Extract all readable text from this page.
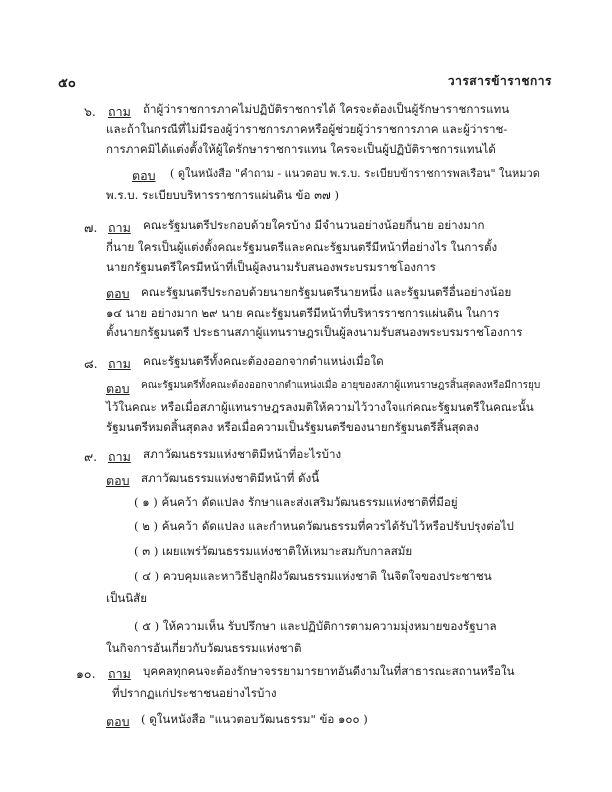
๕๐	วารสารข้าราชการ
๖. ถาม ถ้าผู้ว่าราชการภาคไม่ปฏิบัติราชการได้ ใครจะต้องเป็นผู้รักษาราชการแทน
และถ้าในกรณีที่ไม่มีรองผู้ว่าราชการภาคหรือผู้ช่วยผู้ว่าราชการภาค และผู้ว่าราช-
การภาคมิได้แต่งตั้งให้ผู้ใดรักษาราชการแทน ใครจะเป็นผู้ปฏิบัติราชการแทนได้
ตอบ ( ดูในหนังสือ "คำถาม - แนวตอบ พ.ร.บ. ระเบียบข้าราชการพลเรือน" ในหมวด
พ.ร.บ. ระเบียบบริหารราชการแผ่นดิน ข้อ ๓๗ )
๗. ถาม คณะรัฐมนตรีประกอบด้วยใครบ้าง มีจำนวนอย่างน้อยกี่นาย อย่างมาก
กี่นาย ใครเป็นผู้แต่งตั้งคณะรัฐมนตรีและคณะรัฐมนตรีมีหน้าที่อย่างไร ในการตั้ง
นายกรัฐมนตรีใครมีหน้าที่เป็นผู้ลงนามรับสนองพระบรมราชโองการ
ตอบ คณะรัฐมนตรีประกอบด้วยนายกรัฐมนตรีนายหนึ่ง และรัฐมนตรีอื่นอย่างน้อย
๑๔ นาย อย่างมาก ๒๙ นาย คณะรัฐมนตรีมีหน้าที่บริหารราชการแผ่นดิน ในการ
ตั้งนายกรัฐมนตรี ประธานสภาผู้แทนราษฎรเป็นผู้ลงนามรับสนองพระบรมราชโองการ
๘. ถาม คณะรัฐมนตรีทั้งคณะต้องออกจากตำแหน่งเมื่อใด
ตอบ คณะรัฐมนตรีทั้งคณะต้องออกจากตำแหน่งเมื่อ อายุของสภาผู้แทนราษฎรสิ้นสุดลงหรือมีการยุบ
ไว้ในคณะ หรือเมื่อสภาผู้แทนราษฎรลงมติให้ความไว้วางใจแก่คณะรัฐมนตรีในคณะนั้น
รัฐมนตรีหมดสิ้นสุดลง หรือเมื่อความเป็นรัฐมนตรีของนายกรัฐมนตรีสิ้นสุดลง
๙. ถาม สภาวัฒนธรรมแห่งชาติมีหน้าที่อะไรบ้าง
ตอบ สภาวัฒนธรรมแห่งชาติมีหน้าที่ ดังนี้
( ๑ ) ค้นคว้า ดัดแปลง รักษาและส่งเสริมวัฒนธรรมแห่งชาติที่มีอยู่
( ๒ ) ค้นคว้า ดัดแปลง และกำหนดวัฒนธรรมที่ควรได้รับไว้หรือปรับปรุงต่อไป
( ๓ ) เผยแพร่วัฒนธรรมแห่งชาติให้เหมาะสมกับกาลสมัย
( ๔ ) ควบคุมและหาวิธีปลูกฝังวัฒนธรรมแห่งชาติ ในจิตใจของประชาชน
เป็นนิสัย
( ๕ ) ให้ความเห็น รับปรึกษา และปฏิบัติการตามความมุ่งหมายของรัฐบาล
ในกิจการอันเกี่ยวกับวัฒนธรรมแห่งชาติ
๑๐. ถาม บุคคลทุกคนจะต้องรักษาจรรยามารยาทอันดีงามในที่สาธารณะสถานหรือใน
ที่ปรากฏแก่ประชาชนอย่างไรบ้าง
ตอบ ( ดูในหนังสือ "แนวตอบวัฒนธรรม" ข้อ ๑๐๐ )
